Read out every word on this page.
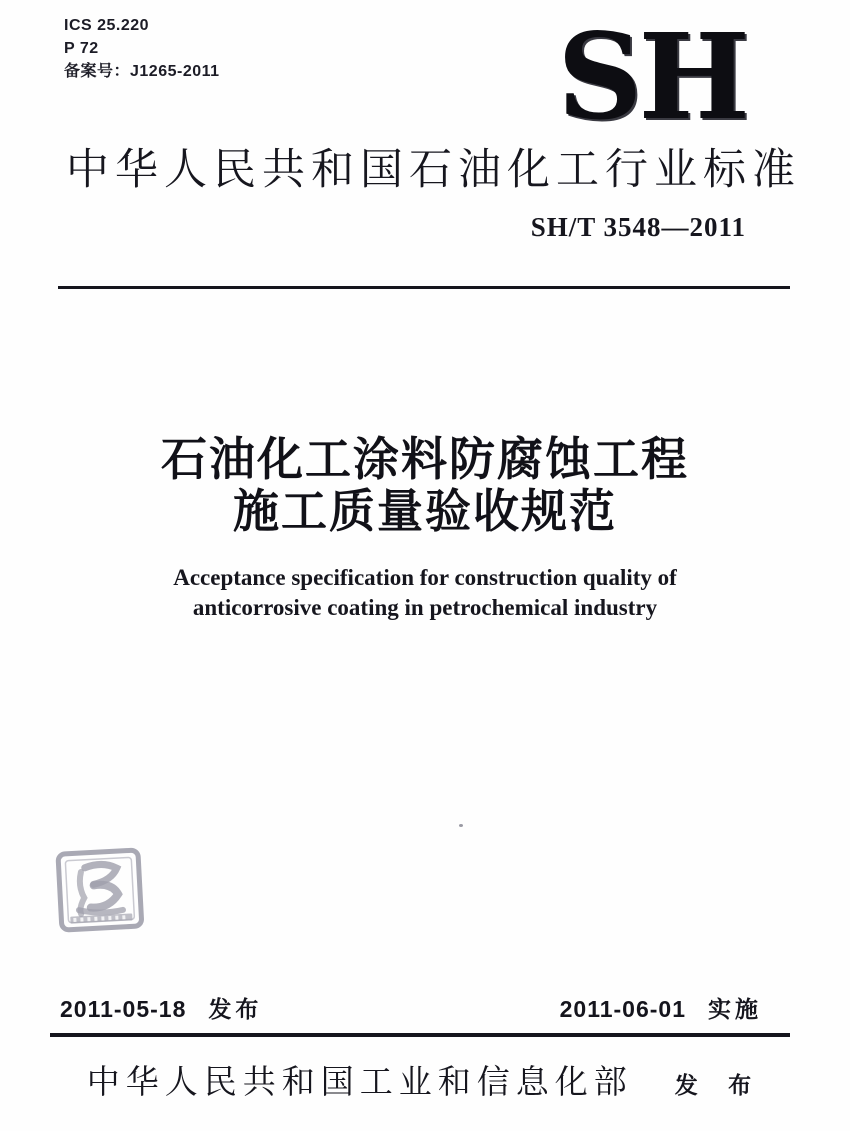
ICS 25.220
P 72
备案号：J1265-2011	SH
中华人民共和国石油化工行业标准
SH/T 3548—2011
石油化工涂料防腐蚀工程
施工质量验收规范
Acceptance specification for construction quality of
anticorrosive coating in petrochemical industry
2011-05-18 发布	2011-06-01 实施
中华人民共和国工业和信息化部 发 布
